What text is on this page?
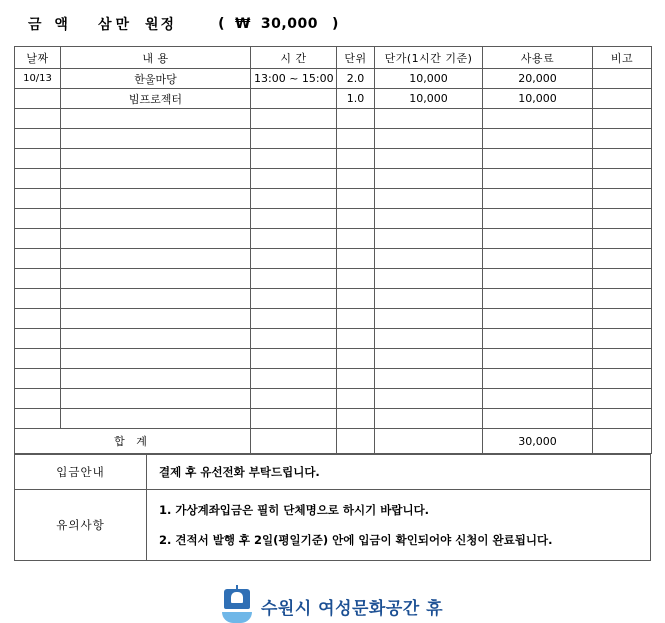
금 액 삼만 원정	( ₩ 30,000 )
날짜	내 용	시 간	단위	단가(1시간 기준)	사용료	비고
10/13	한울마당	13:00 ~ 15:00	2.0	10,000	20,000	
	빔프로젝터		1.0	10,000	10,000	

합 계					30,000	
입금안내	결제 후 유선전화 부탁드립니다.
유의사항	1. 가상계좌입금은 필히 단체명으로 하시기 바랍니다.
2. 견적서 발행 후 2일(평일기준) 안에 입금이 확인되어야 신청이 완료됩니다.
수원시 여성문화공간 휴
